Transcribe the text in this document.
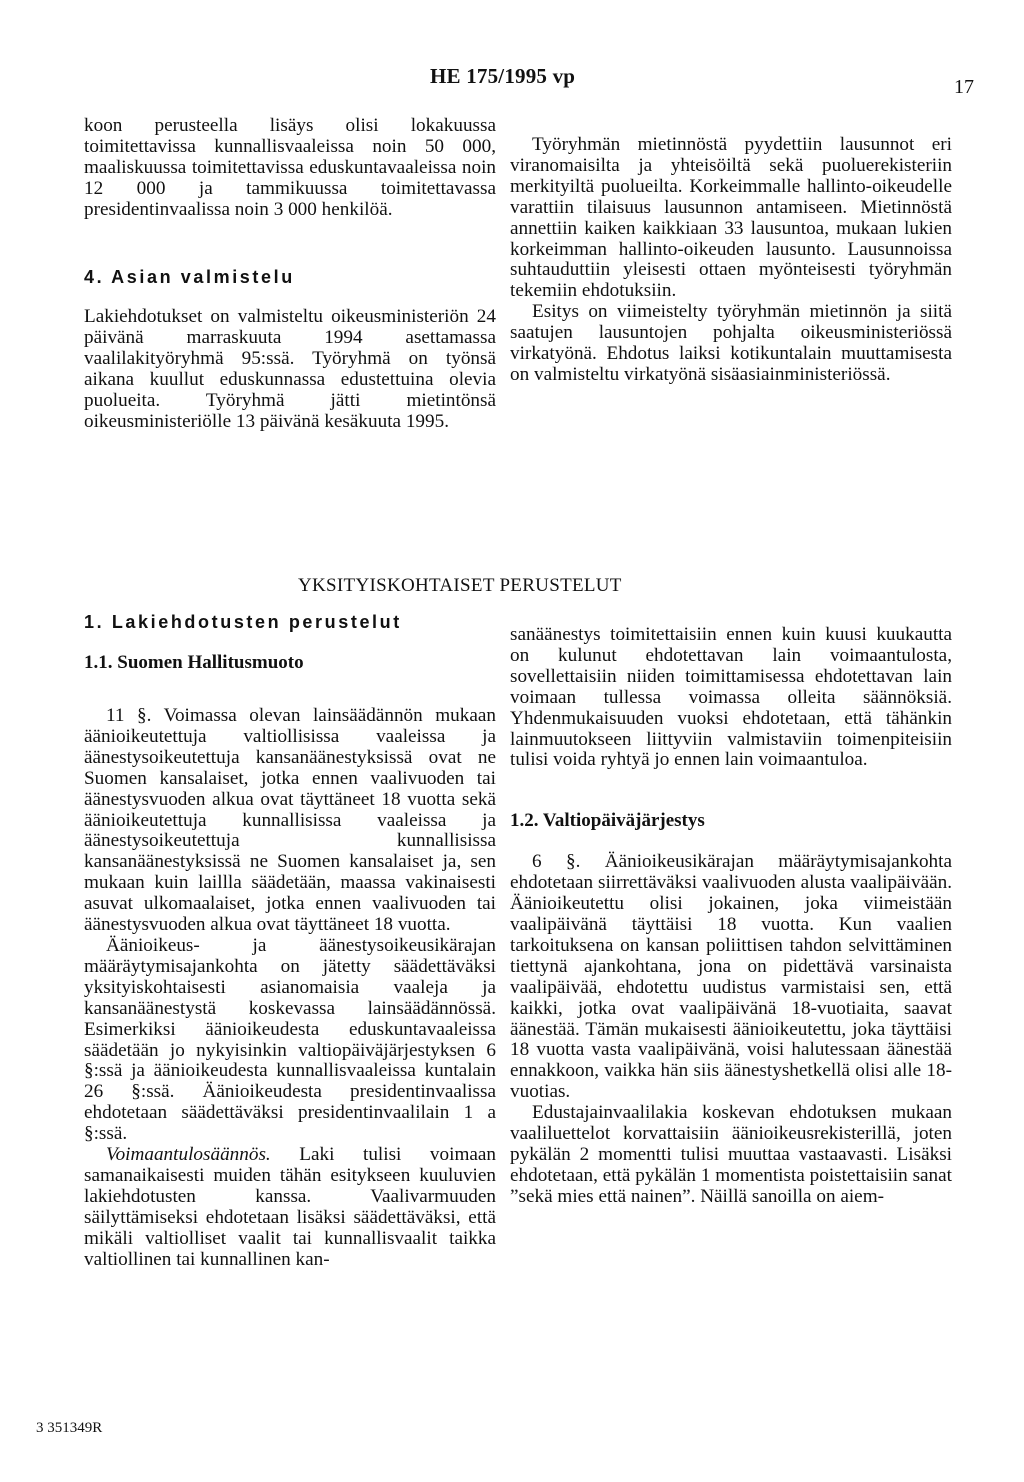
HE 175/1995 vp	17

koon perusteella lisäys olisi lokakuussa toimitettavissa kunnallisvaaleissa noin 50 000, maaliskuussa toimitettavissa eduskuntavaaleissa noin 12 000 ja tammikuussa toimitettavassa presidentinvaalissa noin 3 000 henkilöä.

4. Asian valmistelu

Lakiehdotukset on valmisteltu oikeusministeriön 24 päivänä marraskuuta 1994 asettamassa vaalilakityöryhmä 95:ssä. Työryhmä on työnsä aikana kuullut eduskunnassa edustettuina olevia puolueita. Työryhmä jätti mietintönsä oikeusministeriölle 13 päivänä kesäkuuta 1995.

Työryhmän mietinnöstä pyydettiin lausunnot eri viranomaisilta ja yhteisöiltä sekä puoluerekisteriin merkityiltä puolueilta. Korkeimmalle hallinto-oikeudelle varattiin tilaisuus lausunnon antamiseen. Mietinnöstä annettiin kaiken kaikkiaan 33 lausuntoa, mukaan lukien korkeimman hallinto-oikeuden lausunto. Lausunnoissa suhtauduttiin yleisesti ottaen myönteisesti työryhmän tekemiin ehdotuksiin.

Esitys on viimeistelty työryhmän mietinnön ja siitä saatujen lausuntojen pohjalta oikeusministeriössä virkatyönä. Ehdotus laiksi kotikuntalain muuttamisesta on valmisteltu virkatyönä sisäasiainministeriössä.

YKSITYISKOHTAISET PERUSTELUT
1. Lakiehdotusten perustelut
1.1. Suomen Hallitusmuoto

11 §. Voimassa olevan lainsäädännön mukaan äänioikeutettuja valtiollisissa vaaleissa ja äänestysoikeutettuja kansanäänestyksissä ovat ne Suomen kansalaiset, jotka ennen vaalivuoden tai äänestysvuoden alkua ovat täyttäneet 18 vuotta sekä äänioikeutettuja kunnallisissa vaaleissa ja äänestysoikeutettuja kunnallisissa kansanäänestyksissä ne Suomen kansalaiset ja, sen mukaan kuin laillla säädetään, maassa vakinaisesti asuvat ulkomaalaiset, jotka ennen vaalivuoden tai äänestysvuoden alkua ovat täyttäneet 18 vuotta.

Äänioikeus- ja äänestysoikeusikärajan määräytymisajankohta on jätetty säädettäväksi yksityiskohtaisesti asianomaisia vaaleja ja kansanäänestystä koskevassa lainsäädännössä. Esimerkiksi äänioikeudesta eduskuntavaaleissa säädetään jo nykyisinkin valtiopäiväjärjestyksen 6 §:ssä ja äänioikeudesta kunnallisvaaleissa kuntalain 26 §:ssä. Äänioikeudesta presidentinvaalissa ehdotetaan säädettäväksi presidentinvaalilain 1 a §:ssä.

Voimaantulosäännös. Laki tulisi voimaan samanaikaisesti muiden tähän esitykseen kuuluvien lakiehdotusten kanssa. Vaalivarmuuden säilyttämiseksi ehdotetaan lisäksi säädettäväksi, että mikäli valtiolliset vaalit tai kunnallisvaalit taikka valtiollinen tai kunnallinen kan-

sanäänestys toimitettaisiin ennen kuin kuusi kuukautta on kulunut ehdotettavan lain voimaantulosta, sovellettaisiin niiden toimittamisessa ehdotettavan lain voimaan tullessa voimassa olleita säännöksiä. Yhdenmukaisuuden vuoksi ehdotetaan, että tähänkin lainmuutokseen liittyviin valmistaviin toimenpiteisiin tulisi voida ryhtyä jo ennen lain voimaantuloa.

1.2. Valtiopäiväjärjestys

6 §. Äänioikeusikärajan määräytymisajankohta ehdotetaan siirrettäväksi vaalivuoden alusta vaalipäivään. Äänioikeutettu olisi jokainen, joka viimeistään vaalipäivänä täyttäisi 18 vuotta. Kun vaalien tarkoituksena on kansan poliittisen tahdon selvittäminen tiettynä ajankohtana, jona on pidettävä varsinaista vaalipäivää, ehdotettu uudistus varmistaisi sen, että kaikki, jotka ovat vaalipäivänä 18-vuotiaita, saavat äänestää. Tämän mukaisesti äänioikeutettu, joka täyttäisi 18 vuotta vasta vaalipäivänä, voisi halutessaan äänestää ennakkoon, vaikka hän siis äänestyshetkellä olisi alle 18-vuotias.

Edustajainvaalilakia koskevan ehdotuksen mukaan vaaliluettelot korvattaisiin äänioikeusrekisterillä, joten pykälän 2 momentti tulisi muuttaa vastaavasti. Lisäksi ehdotetaan, että pykälän 1 momentista poistettaisiin sanat ”sekä mies että nainen”. Näillä sanoilla on aiem-

3 351349R
